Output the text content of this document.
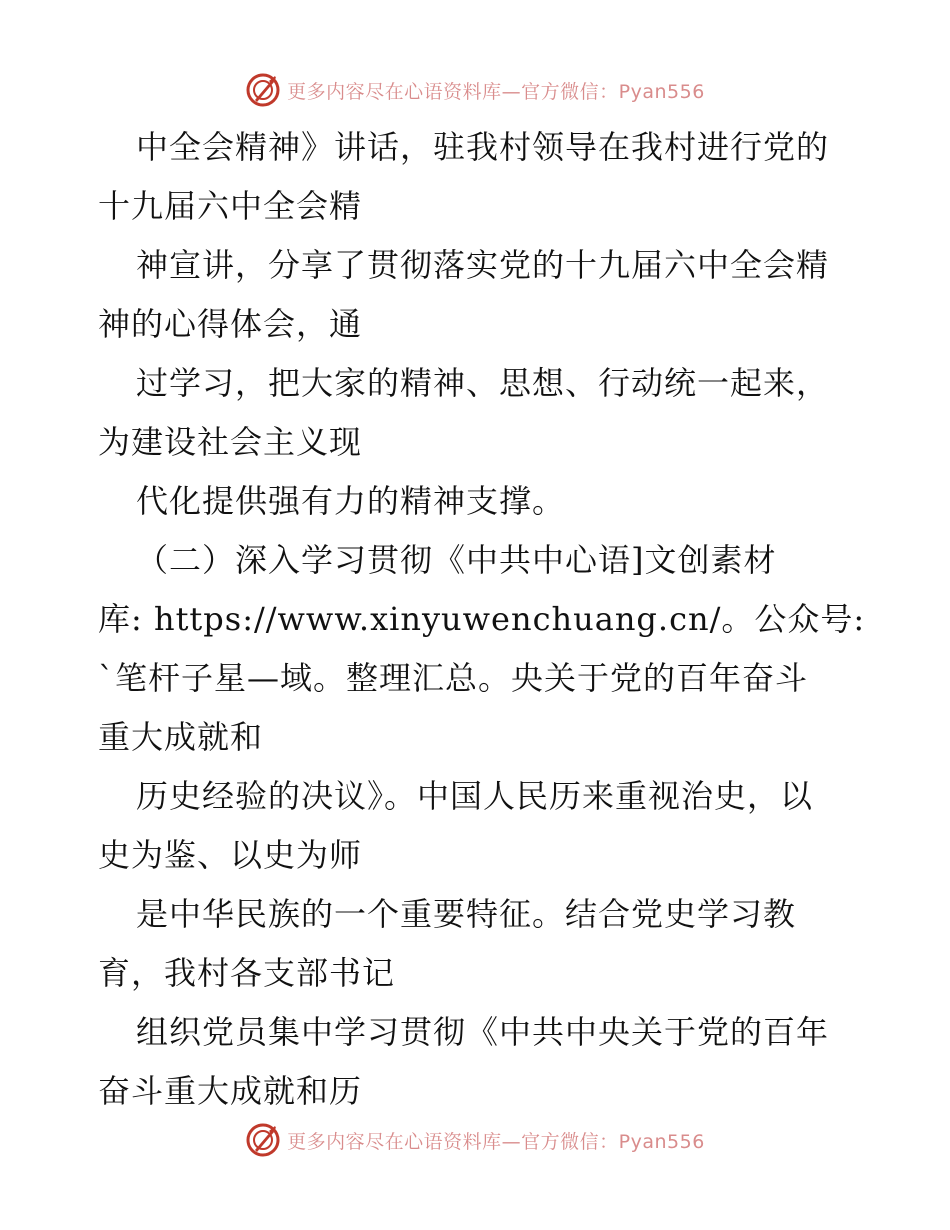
更多内容尽在心语资料库—官方微信：Pyan556
中全会精神》讲话，驻我村领导在我村进行党的
十九届六中全会精
神宣讲，分享了贯彻落实党的十九届六中全会精
神的心得体会，通
过学习，把大家的精神、思想、行动统一起来，
为建设社会主义现
代化提供强有力的精神支撑。
（二）深入学习贯彻《中共中心语]文创素材
库: https://www.xinyuwenchuang.cn/。公众号:
`笔杆子星—域。整理汇总。央关于党的百年奋斗
重大成就和
历史经验的决议》。中国人民历来重视治史，以
史为鉴、以史为师
是中华民族的一个重要特征。结合党史学习教
育，我村各支部书记
组织党员集中学习贯彻《中共中央关于党的百年
奋斗重大成就和历
更多内容尽在心语资料库—官方微信：Pyan556
